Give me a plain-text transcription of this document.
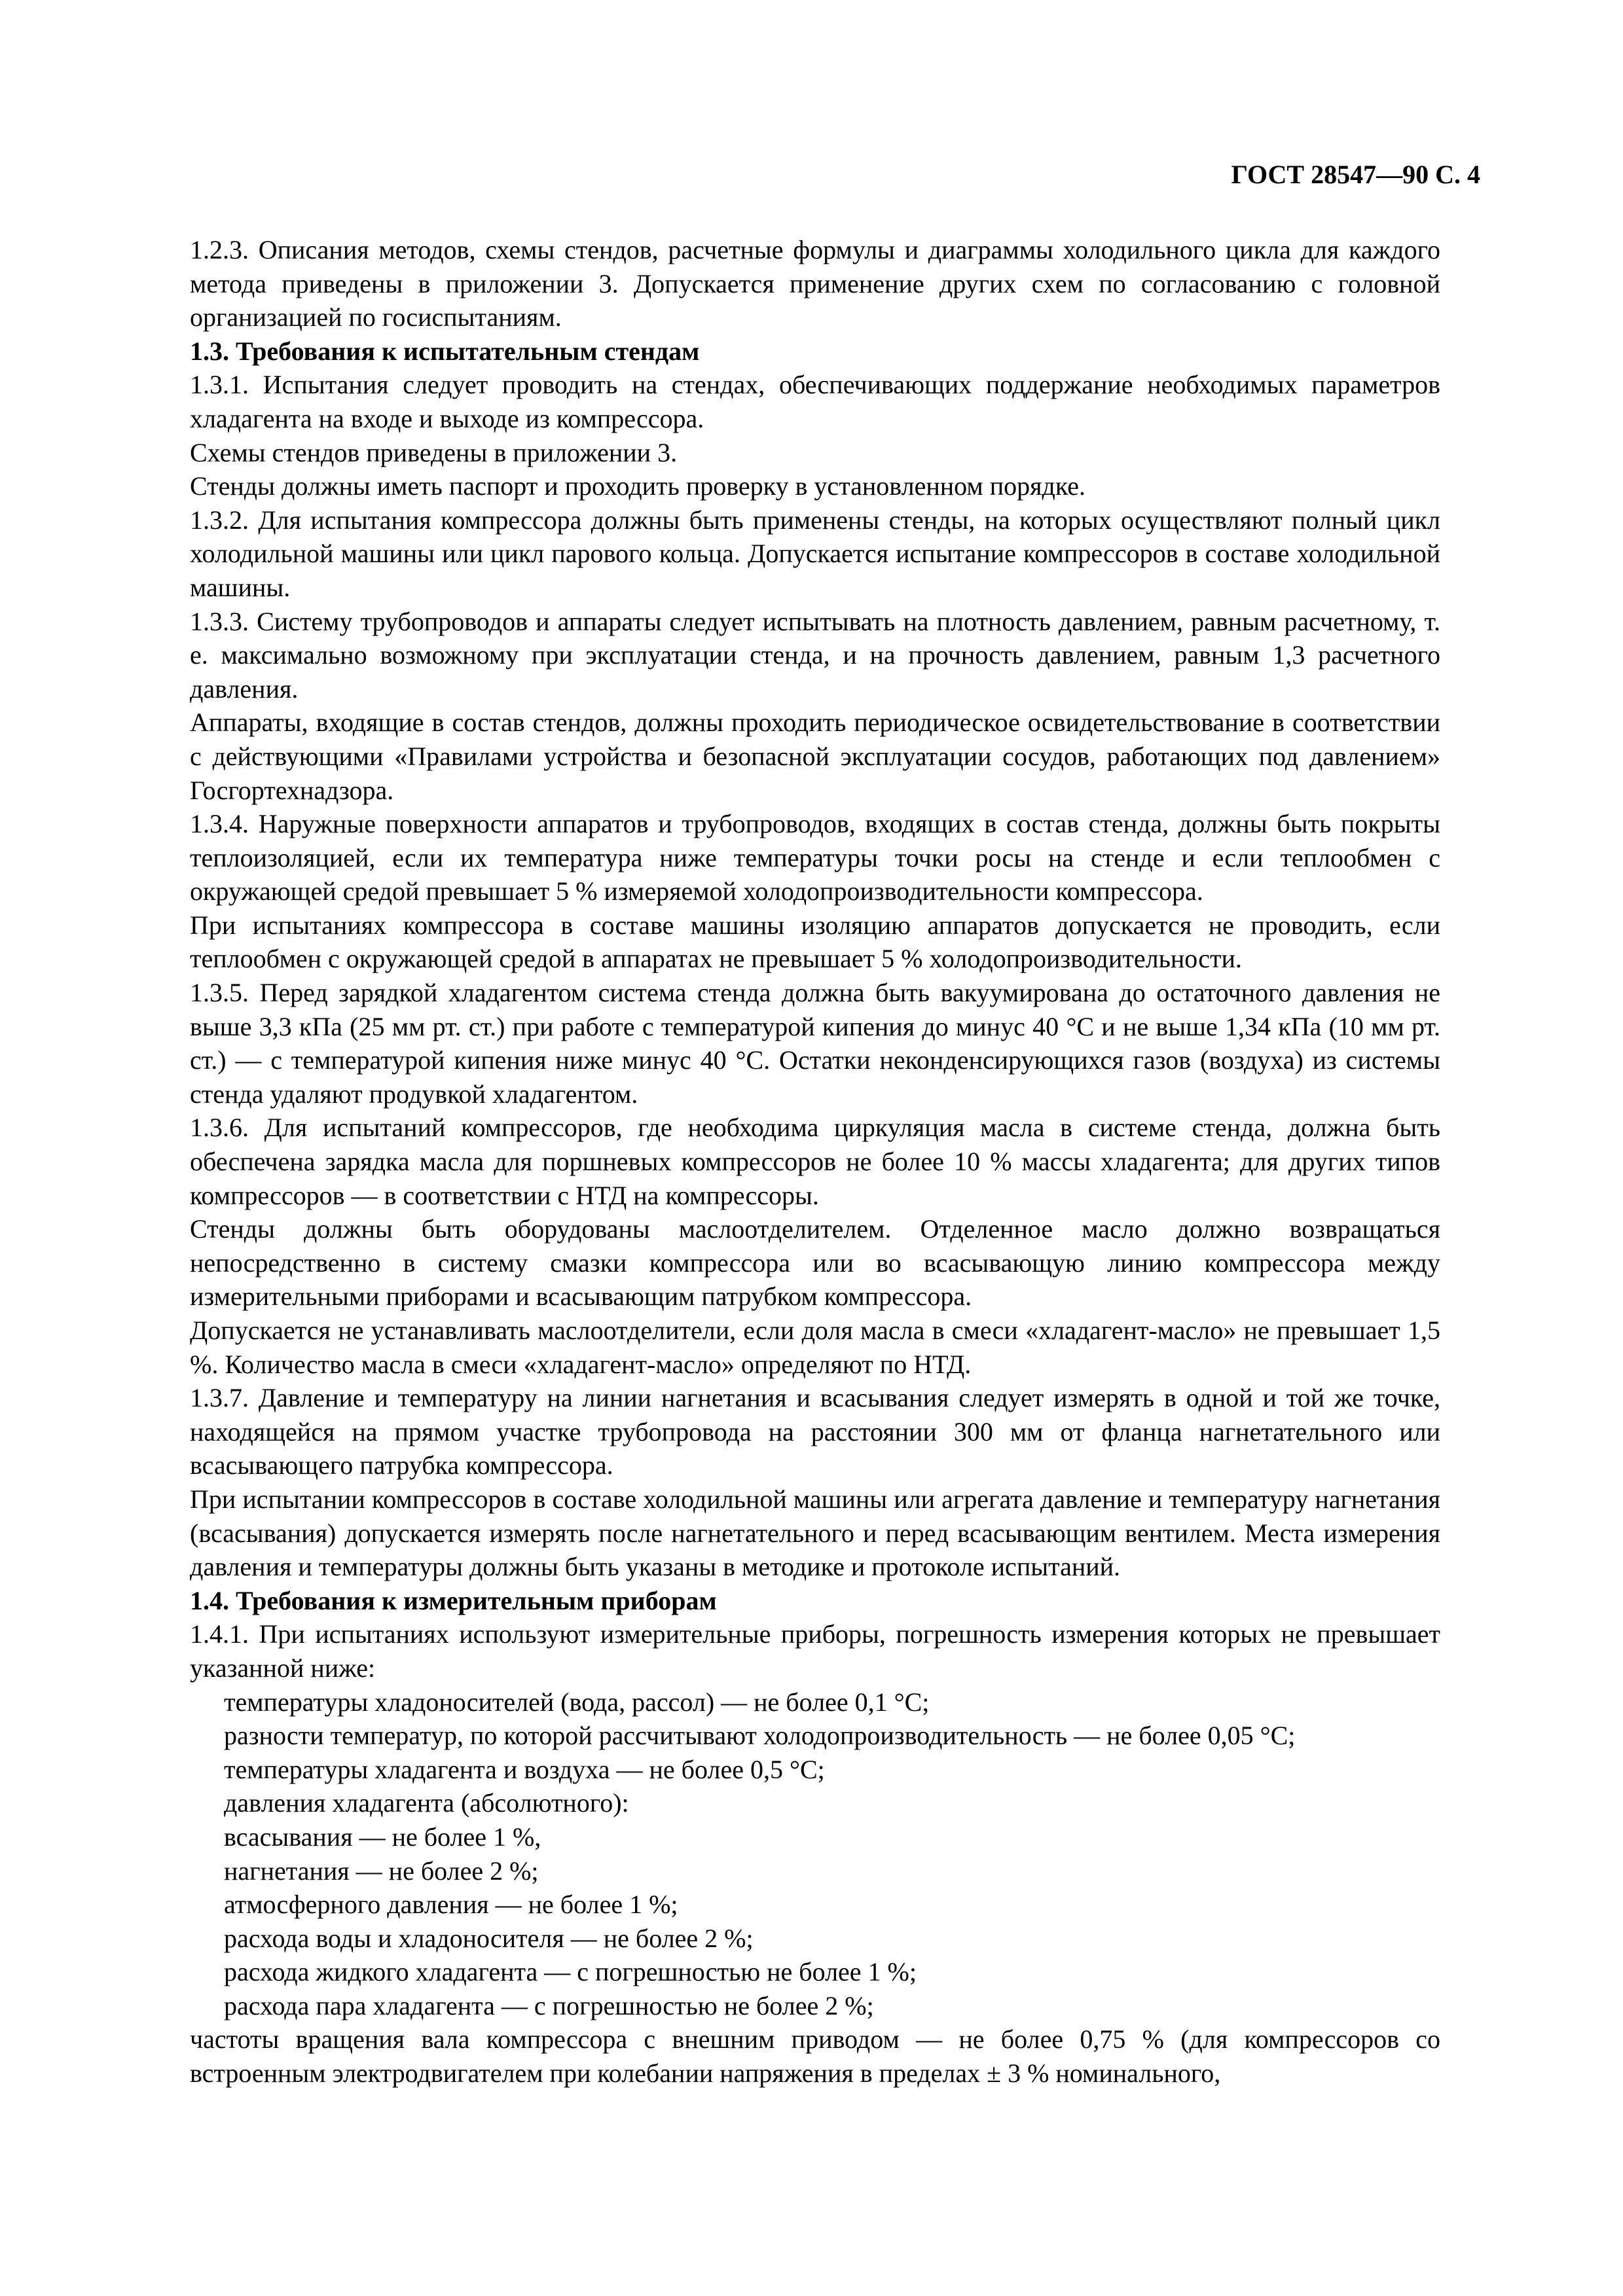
ГОСТ 28547—90 С. 4

1.2.3. Описания методов, схемы стендов, расчетные формулы и диаграммы холодильного цикла для каждого метода приведены в приложении 3. Допускается применение других схем по согласованию с головной организацией по госиспытаниям.

1.3. Требования к испытательным стендам

1.3.1. Испытания следует проводить на стендах, обеспечивающих поддержание необходимых параметров хладагента на входе и выходе из компрессора.

Схемы стендов приведены в приложении 3.

Стенды должны иметь паспорт и проходить проверку в установленном порядке.

1.3.2. Для испытания компрессора должны быть применены стенды, на которых осуществляют полный цикл холодильной машины или цикл парового кольца. Допускается испытание компрессоров в составе холодильной машины.

1.3.3. Систему трубопроводов и аппараты следует испытывать на плотность давлением, равным расчетному, т. е. максимально возможному при эксплуатации стенда, и на прочность давлением, равным 1,3 расчетного давления.

Аппараты, входящие в состав стендов, должны проходить периодическое освидетельствование в соответствии с действующими «Правилами устройства и безопасной эксплуатации сосудов, работающих под давлением» Госгортехнадзора.

1.3.4. Наружные поверхности аппаратов и трубопроводов, входящих в состав стенда, должны быть покрыты теплоизоляцией, если их температура ниже температуры точки росы на стенде и если теплообмен с окружающей средой превышает 5 % измеряемой холодопроизводительности компрессора.

При испытаниях компрессора в составе машины изоляцию аппаратов допускается не проводить, если теплообмен с окружающей средой в аппаратах не превышает 5 % холодопроизводительности.

1.3.5. Перед зарядкой хладагентом система стенда должна быть вакуумирована до остаточного давления не выше 3,3 кПа (25 мм рт. ст.) при работе с температурой кипения до минус 40 °С и не выше 1,34 кПа (10 мм рт. ст.) — с температурой кипения ниже минус 40 °С. Остатки неконденсирующихся газов (воздуха) из системы стенда удаляют продувкой хладагентом.

1.3.6. Для испытаний компрессоров, где необходима циркуляция масла в системе стенда, должна быть обеспечена зарядка масла для поршневых компрессоров не более 10 % массы хладагента; для других типов компрессоров — в соответствии с НТД на компрессоры.

Стенды должны быть оборудованы маслоотделителем. Отделенное масло должно возвращаться непосредственно в систему смазки компрессора или во всасывающую линию компрессора между измерительными приборами и всасывающим патрубком компрессора.

Допускается не устанавливать маслоотделители, если доля масла в смеси «хладагент-масло» не превышает 1,5 %. Количество масла в смеси «хладагент-масло» определяют по НТД.

1.3.7. Давление и температуру на линии нагнетания и всасывания следует измерять в одной и той же точке, находящейся на прямом участке трубопровода на расстоянии 300 мм от фланца нагнетательного или всасывающего патрубка компрессора.

При испытании компрессоров в составе холодильной машины или агрегата давление и температуру нагнетания (всасывания) допускается измерять после нагнетательного и перед всасывающим вентилем. Места измерения давления и температуры должны быть указаны в методике и протоколе испытаний.

1.4. Требования к измерительным приборам

1.4.1. При испытаниях используют измерительные приборы, погрешность измерения которых не превышает указанной ниже:

температуры хладоносителей (вода, рассол) — не более 0,1 °С;

разности температур, по которой рассчитывают холодопроизводительность — не более 0,05 °С;

температуры хладагента и воздуха — не более 0,5 °С;

давления хладагента (абсолютного):

всасывания — не более 1 %,

нагнетания — не более 2 %;

атмосферного давления — не более 1 %;

расхода воды и хладоносителя — не более 2 %;

расхода жидкого хладагента — с погрешностью не более 1 %;

расхода пара хладагента — с погрешностью не более 2 %;

частоты вращения вала компрессора с внешним приводом — не более 0,75 % (для компрессоров со встроенным электродвигателем при колебании напряжения в пределах ± 3 % номинального,
